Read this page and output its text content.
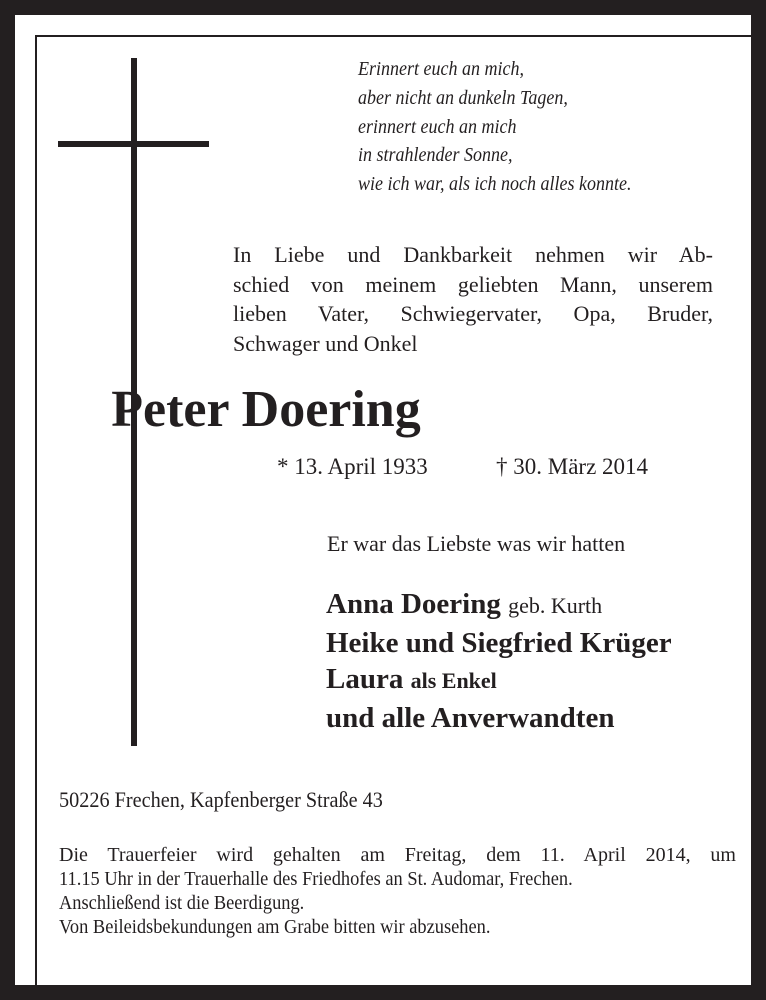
Erinnert euch an mich,
aber nicht an dunkeln Tagen,
erinnert euch an mich
in strahlender Sonne,
wie ich war, als ich noch alles konnte.
In Liebe und Dankbarkeit nehmen wir Ab-
schied von meinem geliebten Mann, unserem
lieben Vater, Schwiegervater, Opa, Bruder,
Schwager und Onkel
Peter Doering
* 13. April 1933	† 30. März 2014
Er war das Liebste was wir hatten
Anna Doering geb. Kurth
Heike und Siegfried Krüger
Laura als Enkel
und alle Anverwandten
50226 Frechen, Kapfenberger Straße 43
Die Trauerfeier wird gehalten am Freitag, dem 11. April 2014, um
11.15 Uhr in der Trauerhalle des Friedhofes an St. Audomar, Frechen.
Anschließend ist die Beerdigung.
Von Beileidsbekundungen am Grabe bitten wir abzusehen.
